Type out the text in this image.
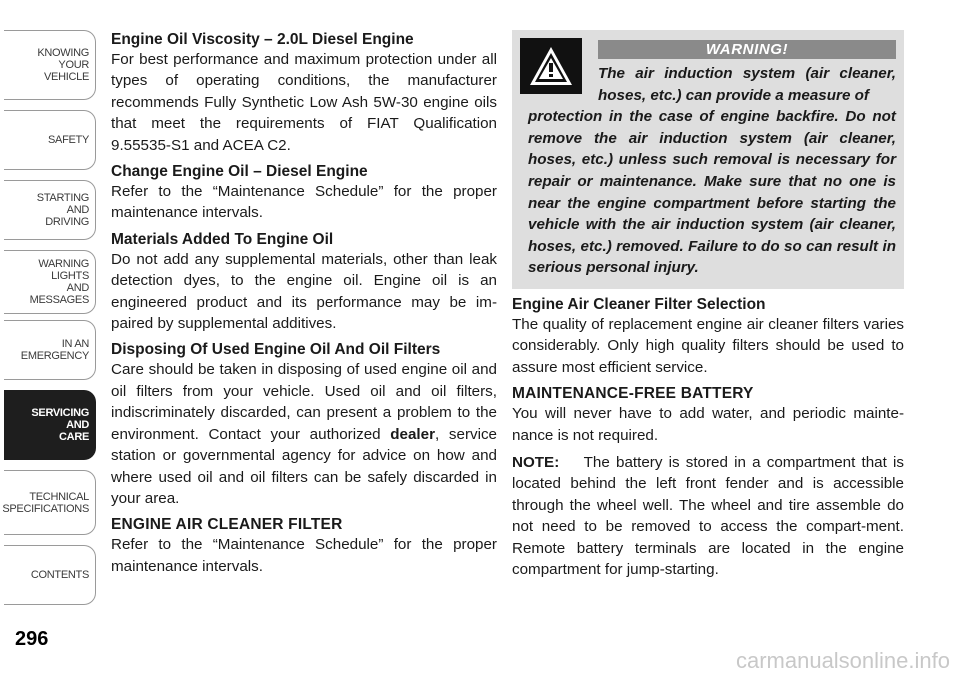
KNOWING
YOUR
VEHICLE
SAFETY
STARTING
AND
DRIVING
WARNING
LIGHTS
AND
MESSAGES
IN AN
EMERGENCY
SERVICING
AND
CARE
TECHNICAL
SPECIFICATIONS
CONTENTS
296

Engine Oil Viscosity – 2.0L Diesel Engine

For best performance and maximum protection under all types of operating conditions, the manufacturer recommends Fully Synthetic Low Ash 5W-30 engine oils that meet the requirements of FIAT Qualification 9.55535-S1 and ACEA C2.

Change Engine Oil – Diesel Engine

Refer to the “Maintenance Schedule” for the proper maintenance intervals.

Materials Added To Engine Oil

Do not add any supplemental materials, other than leak detection dyes, to the engine oil. Engine oil is an engineered product and its performance may be im-paired by supplemental additives.

Disposing Of Used Engine Oil And Oil Filters

Care should be taken in disposing of used engine oil and oil filters from your vehicle. Used oil and oil filters, indiscriminately discarded, can present a problem to the environment. Contact your authorized dealer, service station or governmental agency for advice on how and where used oil and oil filters can be safely discarded in your area.

ENGINE AIR CLEANER FILTER

Refer to the “Maintenance Schedule” for the proper maintenance intervals.

WARNING!

The air induction system (air cleaner, hoses, etc.) can provide a measure of

protection in the case of engine backfire. Do not remove the air induction system (air cleaner, hoses, etc.) unless such removal is necessary for repair or maintenance. Make sure that no one is near the engine compartment before starting the vehicle with the air induction system (air cleaner, hoses, etc.) removed. Failure to do so can result in serious personal injury.

Engine Air Cleaner Filter Selection

The quality of replacement engine air cleaner filters varies considerably. Only high quality filters should be used to assure most efficient service.

MAINTENANCE-FREE BATTERY

You will never have to add water, and periodic mainte-nance is not required.

NOTE: The battery is stored in a compartment that is located behind the left front fender and is accessible through the wheel well. The wheel and tire assemble do not need to be removed to access the compart-ment. Remote battery terminals are located in the engine compartment for jump-starting.

carmanualsonline.info
